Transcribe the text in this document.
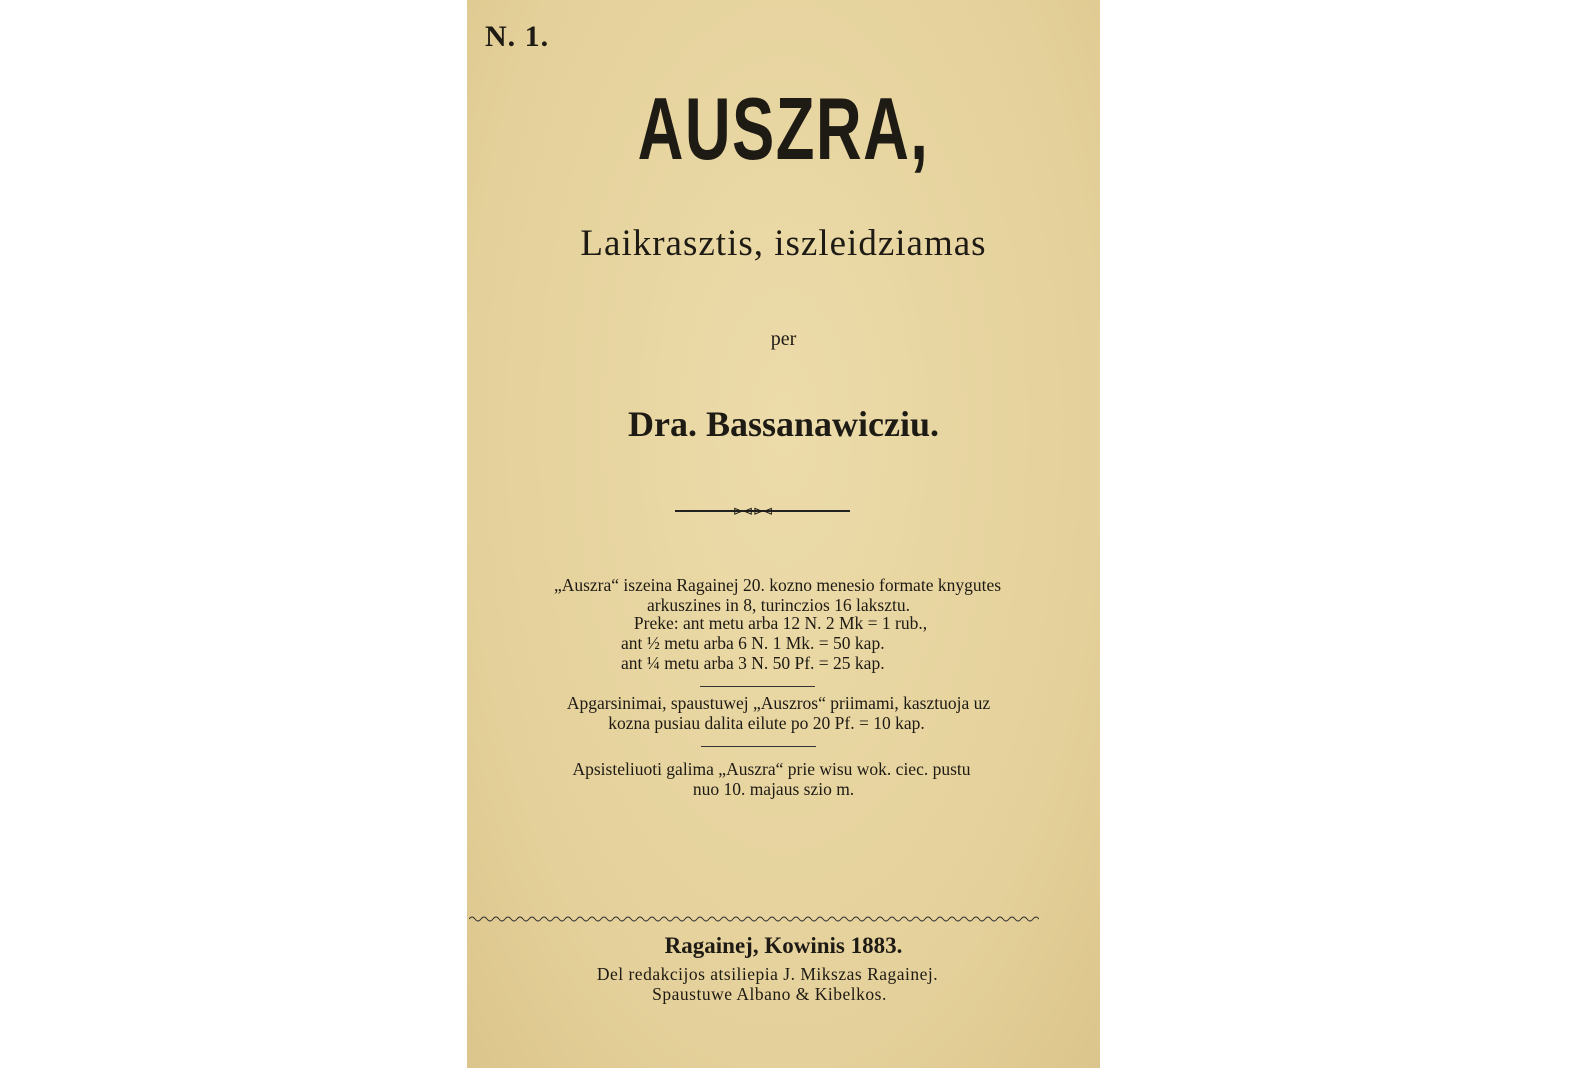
N. 1.
AUSZRA,
Laikrasztis, iszleidziamas
per
Dra. Bassanawicziu.
⊳⊲⊳⊲
„Auszra“ iszeina Ragainej 20. kozno menesio formate knygutes
arkuszines in 8, turinczios 16 laksztu.
Preke: ant metu arba 12 N. 2 Mk = 1 rub.,
ant ½ metu arba 6 N. 1 Mk. = 50 kap.
ant ¼ metu arba 3 N. 50 Pf. = 25 kap.
Apgarsinimai, spaustuwej „Auszros“ priimami, kasztuoja uz
kozna pusiau dalita eilute po 20 Pf. = 10 kap.
Apsisteliuoti galima „Auszra“ prie wisu wok. ciec. pustu
nuo 10. majaus szio m.
Ragainej, Kowinis 1883.
Del redakcijos atsiliepia J. Mikszas Ragainej.
Spaustuwe Albano & Kibelkos.
